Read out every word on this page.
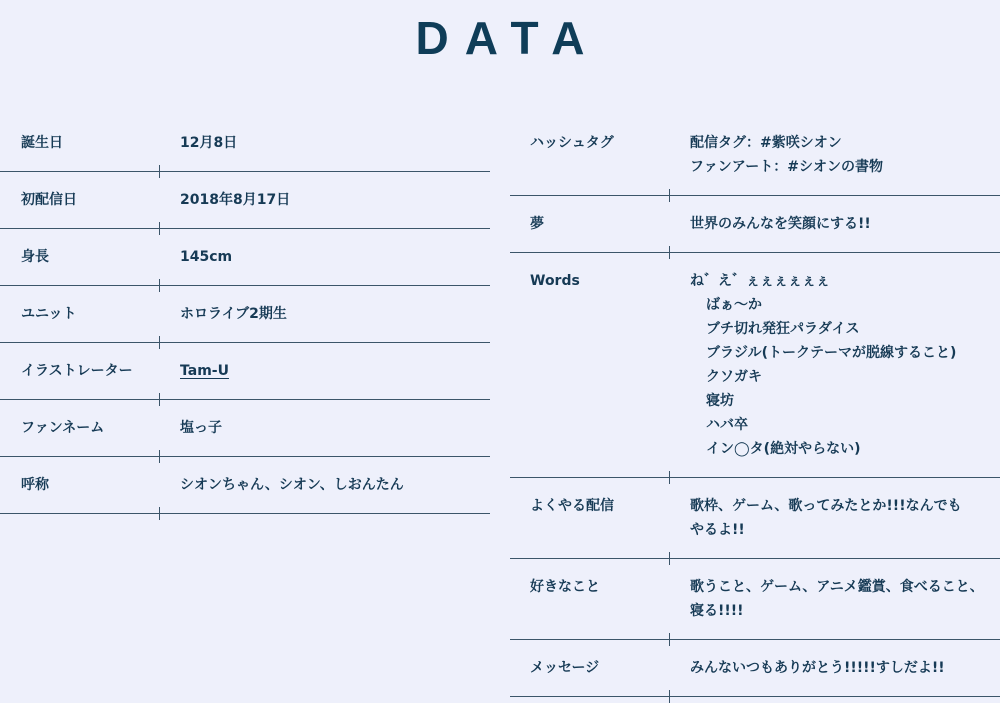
DATA
誕生日	12月8日
初配信日	2018年8月17日
身長	145cm
ユニット	ホロライブ2期生
イラストレーター	Tam-U
ファンネーム	塩っ子
呼称	シオンちゃん、シオン、しおんたん
ハッシュタグ	配信タグ：#紫咲シオン
ファンアート：#シオンの書物
夢	世界のみんなを笑顔にする!!
Words	ね゛え゛ぇぇぇぇぇぇ
ばぁ〜か
ブチ切れ発狂パラダイス
ブラジル(トークテーマが脱線すること)
クソガキ
寝坊
ハバ卒
イン◯タ(絶対やらない)
よくやる配信	歌枠、ゲーム、歌ってみたとか!!!なんでも
やるよ!!
好きなこと	歌うこと、ゲーム、アニメ鑑賞、食べること、
寝る!!!!
メッセージ	みんないつもありがとう!!!!!すしだよ!!
